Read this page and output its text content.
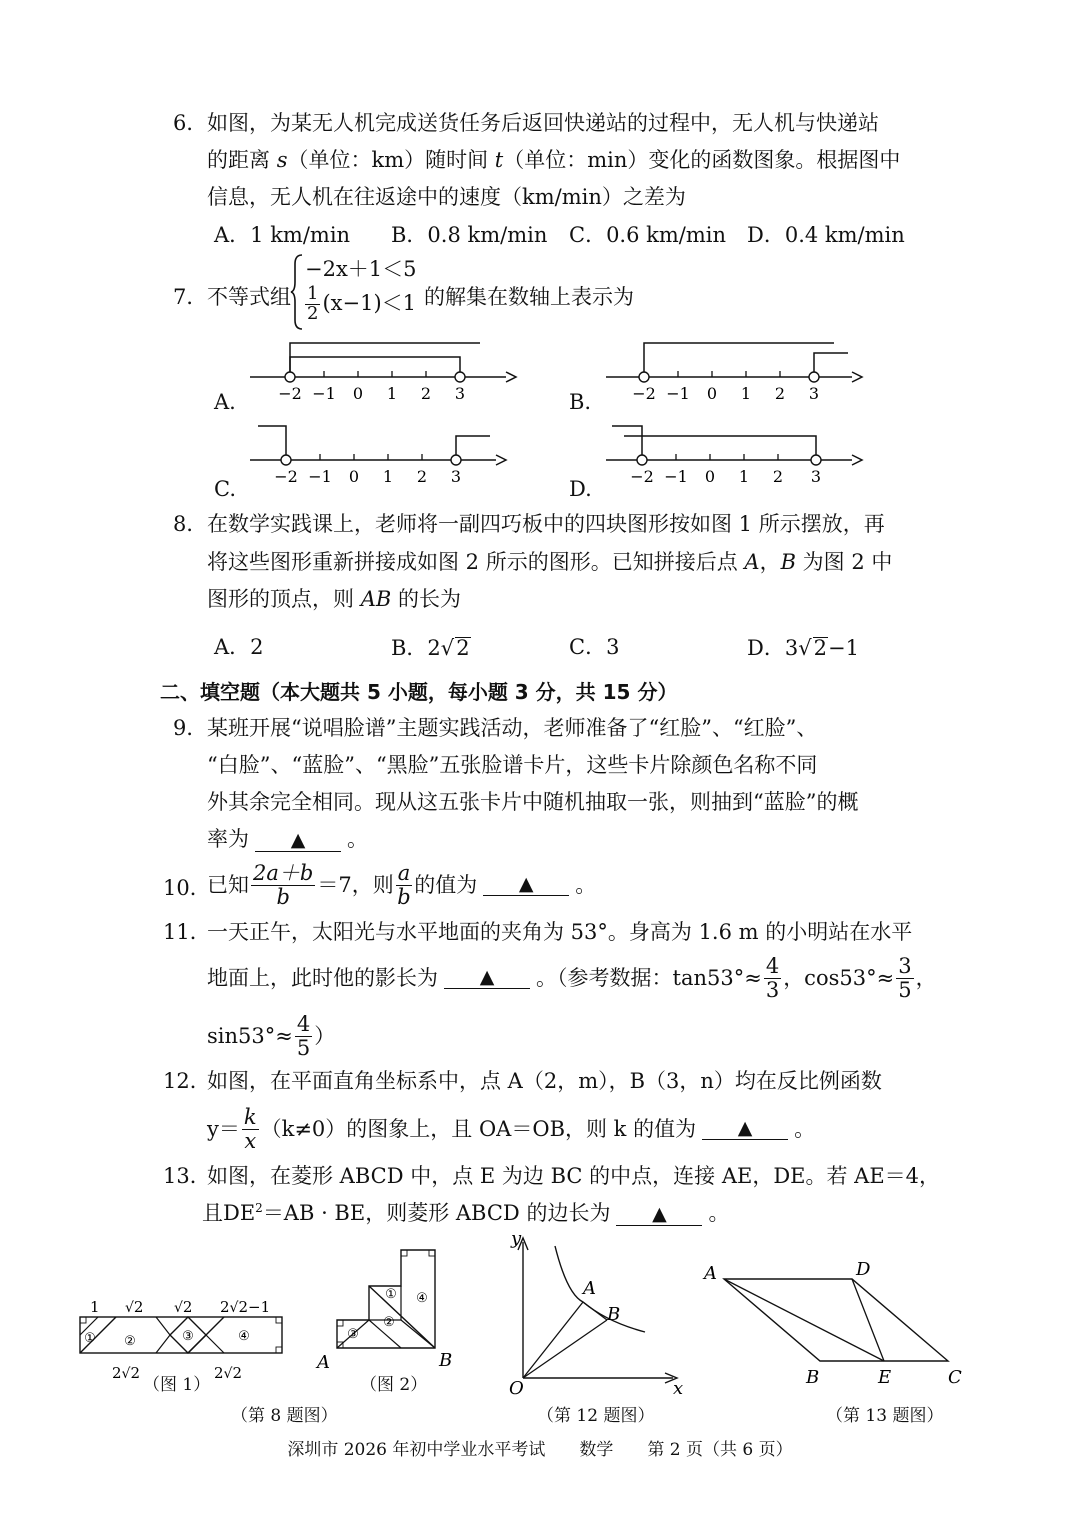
6． 如图，为某无人机完成送货任务后返回快递站的过程中，无人机与快递站
的距离 s（单位：km）随时间 t（单位：min）变化的函数图象。根据图中
信息，无人机在往返途中的速度（km/min）之差为
A．1 km/min B．0.8 km/min C．0.6 km/min D．0.4 km/min
7． 不等式组
−2x＋1＜5
$\frac{1}{2} (x-1)<1$ 的解集在数轴上表示为
−2 −1 0 1 2 3
A.	−2 −1 0 1 2 3
B.
−2 −1 0 1 2 3
C.
−2 −1 0 1 2 3
D.
8． 在数学实践课上，老师将一副四巧板中的四块图形按如图 1 所示摆放，再
将这些图形重新拼接成如图 2 所示的图形。已知拼接后点 A，B 为图 2 中
图形的顶点，则 AB 的长为
A．2	B．2√2	C．3	D．3√2−1
二、填空题（本大题共 5 小题，每小题 3 分，共 15 分）
9． 某班开展“说唱脸谱”主题实践活动，老师准备了“红脸”、“红脸”、
“白脸”、“蓝脸”、“黑脸”五张脸谱卡片，这些卡片除颜色名称不同
外其余完全相同。现从这五张卡片中随机抽取一张，则抽到“蓝脸”的概
率为 ▲ 。
10．
已知 $\frac{2a+b}{b} =7$，则 $\frac{a}{b}$ 的值为	▲	。
11．
一天正午，太阳光与水平地面的夹角为 53°。身高为 1.6 m 的小明站在水平
地面上，此时他的影长为	▲	。（参考数据：$\tan 53^\circ\approx \frac{4}{3}$ ，$\cos 53^\circ\approx \frac{3}{5}$ ，
$\sin 53^\circ\approx \frac{4}{5}$ ）
12．
如图，在平面直角坐标系中，点 A（2，m），B（3，n）均在反比例函数
$y= \frac{k}{x} (k\ne 0)$的图象上，且 OA＝OB，则 k 的值为	▲	。
13．
如图，在菱形 ABCD 中，点 E 为边 BC 的中点，连接 AE，DE。若 AE＝4，
且$DE^2=AB$ · BE，则菱形 ABCD 的边长为 ▲ 。
① ②	③	④
1 √2 √2 2√2−1
2√2	2√2
（图 1）
①
②
③
④
A	B
（图 2）
（第 8 题图）
y
x
O
A
B
（第 12 题图）
A	D
B	E	C
（第 13 题图）
深圳市 2026 年初中学业水平考试　　数学　　第 2 页（共 6 页）
